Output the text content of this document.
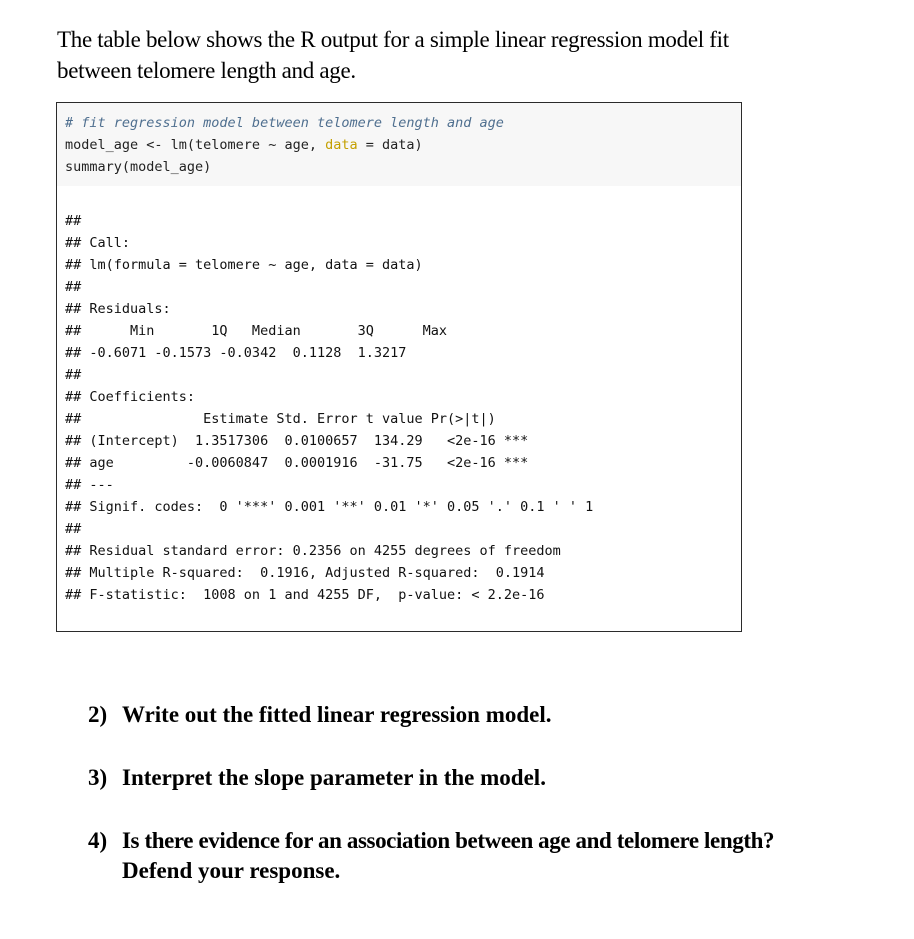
The table below shows the R output for a simple linear regression model fit

between telomere length and age.

# fit regression model between telomere length and age
model_age <- lm(telomere ~ age, data = data)
summary(model_age)
##
## Call:
## lm(formula = telomere ~ age, data = data)
##
## Residuals:
##      Min       1Q   Median       3Q      Max
## -0.6071 -0.1573 -0.0342  0.1128  1.3217
##
## Coefficients:
##               Estimate Std. Error t value Pr(>|t|)
## (Intercept)  1.3517306  0.0100657  134.29   <2e-16 ***
## age         -0.0060847  0.0001916  -31.75   <2e-16 ***
## ---
## Signif. codes:  0 '***' 0.001 '**' 0.01 '*' 0.05 '.' 0.1 ' ' 1
##
## Residual standard error: 0.2356 on 4255 degrees of freedom
## Multiple R-squared:  0.1916, Adjusted R-squared:  0.1914
## F-statistic:  1008 on 1 and 4255 DF,  p-value: < 2.2e-16
2) Write out the fitted linear regression model.
3) Interpret the slope parameter in the model.
4) Is there evidence for an association between age and telomere length?
Defend your response.
